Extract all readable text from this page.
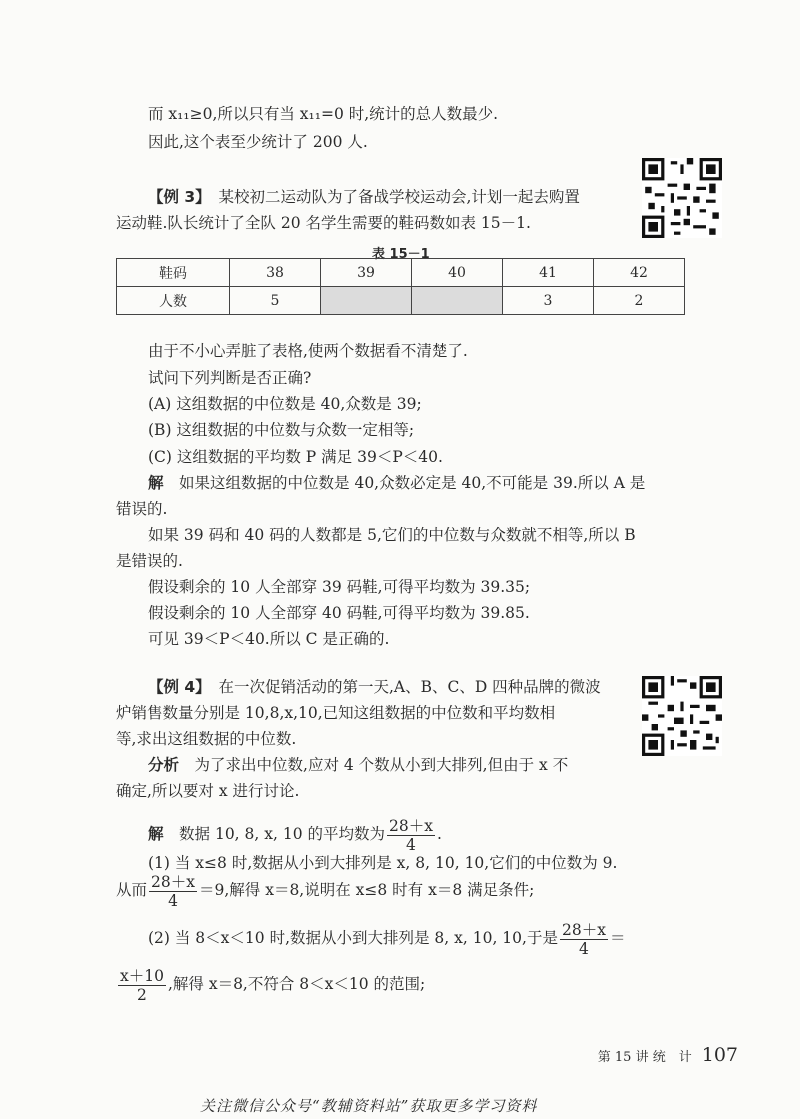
而 x₁₁≥0,所以只有当 x₁₁=0 时,统计的总人数最少.
因此,这个表至少统计了 200 人.
【例 3】　 某校初二运动队为了备战学校运动会,计划一起去购置
运动鞋.队长统计了全队 20 名学生需要的鞋码数如表 15－1.
表 15－1
鞋码	38	39	40	41	42
人数	5			3	2
由于不小心弄脏了表格,使两个数据看不清楚了.
试问下列判断是否正确?
(A) 这组数据的中位数是 40,众数是 39;
(B) 这组数据的中位数与众数一定相等;
(C) 这组数据的平均数 P 满足 39＜P＜40.
解　 如果这组数据的中位数是 40,众数必定是 40,不可能是 39.所以 A 是
错误的.
如果 39 码和 40 码的人数都是 5,它们的中位数与众数就不相等,所以 B
是错误的.
假设剩余的 10 人全部穿 39 码鞋,可得平均数为 39.35;
假设剩余的 10 人全部穿 40 码鞋,可得平均数为 39.85.
可见 39＜P＜40.所以 C 是正确的.
【例 4】　 在一次促销活动的第一天,A、B、C、D 四种品牌的微波
炉销售数量分别是 10,8,x,10,已知这组数据的中位数和平均数相
等,求出这组数据的中位数.
分析　 为了求出中位数,应对 4 个数从小到大排列,但由于 x 不
确定,所以要对 x 进行讨论.
解　 数据 10, 8, x, 10 的平均数为 $\frac{28+x}{4}$ .
(1) 当 x≤8 时,数据从小到大排列是 x, 8, 10, 10,它们的中位数为 9.
从而 $\frac{28+x}{4} =9$,解得 x＝8,说明在 x≤8 时有 x＝8 满足条件;
(2) 当 8＜x＜10 时,数据从小到大排列是 8, x, 10, 10,于是 $\frac{28+x}{4}$ ＝
$\frac{x+10}{2}$ ,解得 x＝8,不符合 8＜x＜10 的范围;
第 15 讲 统　计 107
关注微信公众号“教辅资料站”获取更多学习资料
